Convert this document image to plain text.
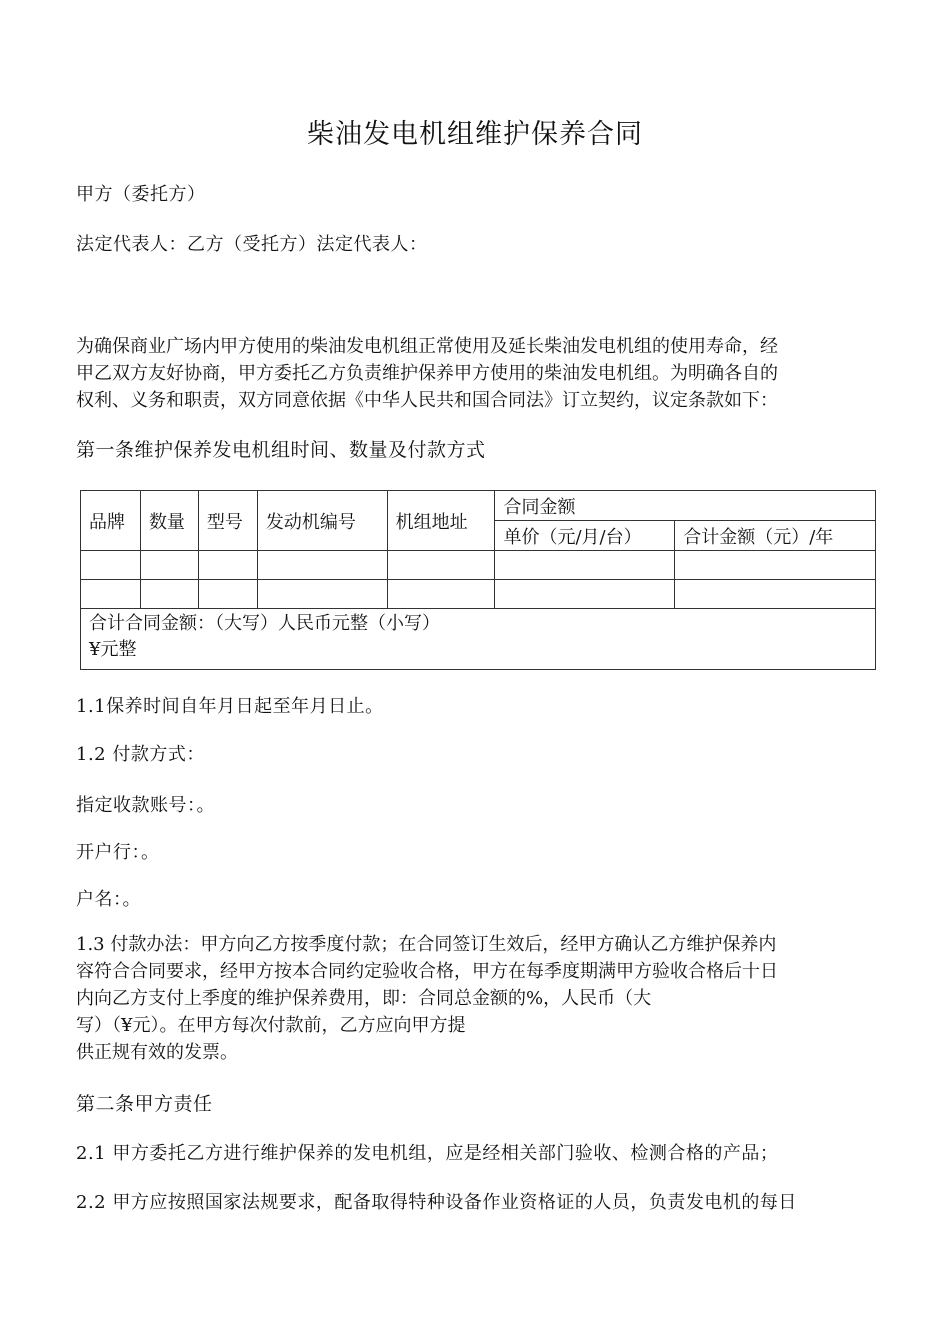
柴油发电机组维护保养合同
甲方（委托方）
法定代表人：乙方（受托方）法定代表人：
为确保商业广场内甲方使用的柴油发电机组正常使用及延长柴油发电机组的使用寿命，经
甲乙双方友好协商，甲方委托乙方负责维护保养甲方使用的柴油发电机组。为明确各自的
权利、义务和职责，双方同意依据《中华人民共和国合同法》订立契约，议定条款如下：
第一条维护保养发电机组时间、数量及付款方式
品牌	数量	型号	发动机编号	机组地址	合同金额	
					单价（元/月/台）	合计金额（元）/年

合计合同金额：（大写）人民币元整（小写）
¥元整						
1.1保养时间自年月日起至年月日止。
1.2 付款方式：
指定收款账号：。
开户行：。
户名：。
1.3 付款办法：甲方向乙方按季度付款；在合同签订生效后，经甲方确认乙方维护保养内
容符合合同要求，经甲方按本合同约定验收合格，甲方在每季度期满甲方验收合格后十日
内向乙方支付上季度的维护保养费用，即：合同总金额的%，人民币（大
写）（¥元）。在甲方每次付款前，乙方应向甲方提
供正规有效的发票。
第二条甲方责任
2.1 甲方委托乙方进行维护保养的发电机组，应是经相关部门验收、检测合格的产品；
2.2 甲方应按照国家法规要求，配备取得特种设备作业资格证的人员，负责发电机的每日
